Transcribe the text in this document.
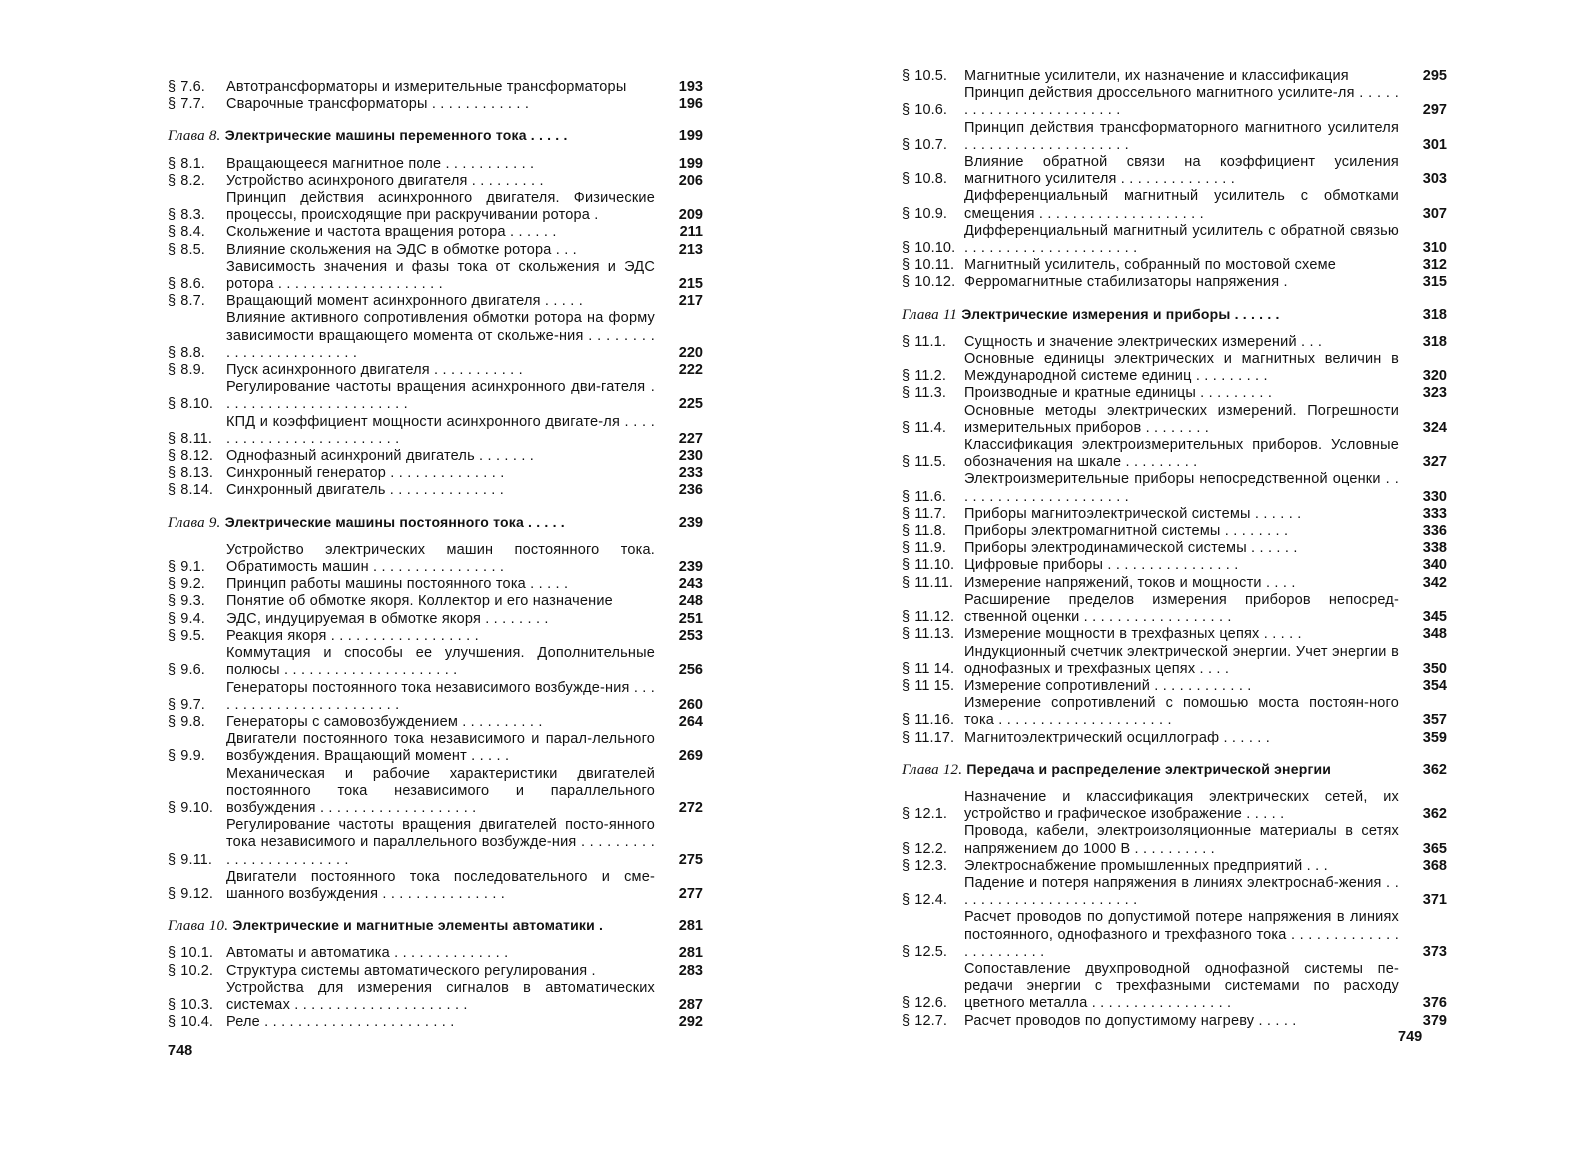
§ 7.6.	Автотрансформаторы и измерительные трансформаторы	193
§ 7.7.	Сварочные трансформаторы . . . . . . . . . . . .	196
Глава 8. Электрические машины переменного тока . . . . .	199
§ 8.1.	Вращающееся магнитное поле . . . . . . . . . . .	199
§ 8.2.	Устройство асинхроного двигателя . . . . . . . . .	206
§ 8.3.
Принцип действия асинхронного двигателя. Физические процессы, происходящие при раскручивании ротора .	209
§ 8.4.	Скольжение и частота вращения ротора . . . . . .	211
§ 8.5.	Влияние скольжения на ЭДС в обмотке ротора . . .	213
§ 8.6.
Зависимость значения и фазы тока от скольжения и ЭДС ротора . . . . . . . . . . . . . . . . . . . .	215
§ 8.7.	Вращающий момент асинхронного двигателя . . . . .	217
§ 8.8.
Влияние активного сопротивления обмотки ротора на форму зависимости вращающего момента от скольже-ния . . . . . . . . . . . . . . . . . . . . . . . .	220
§ 8.9.	Пуск асинхронного двигателя . . . . . . . . . . .	222
§ 8.10.
Регулирование частоты вращения асинхронного дви-гателя . . . . . . . . . . . . . . . . . . . . . . .	225
§ 8.11.
КПД и коэффициент мощности асинхронного двигате-ля . . . . . . . . . . . . . . . . . . . . . . . . .	227
§ 8.12. Однофазный асинхроний двигатель . . . . . . .	230
§ 8.13. Синхронный генератор . . . . . . . . . . . . . .	233
§ 8.14. Синхронный двигатель . . . . . . . . . . . . . .	236
Глава 9. Электрические машины постоянного тока . . . . .	239
§ 9.1.
Устройство электрических машин постоянного тока. Обратимость машин . . . . . . . . . . . . . . . .	239
§ 9.2.	Принцип работы машины постоянного тока . . . . .	243
§ 9.3.	Понятие об обмотке якоря. Коллектор и его назначение	248
§ 9.4.	ЭДС, индуцируемая в обмотке якоря . . . . . . . .	251
§ 9.5.	Реакция якоря . . . . . . . . . . . . . . . . . .	253
§ 9.6.
Коммутация и способы ее улучшения. Дополнительные полюсы . . . . . . . . . . . . . . . . . . . . .	256
§ 9.7.
Генераторы постоянного тока независимого возбужде-ния . . . . . . . . . . . . . . . . . . . . . . . .	260
§ 9.8.	Генераторы с самовозбуждением . . . . . . . . . .	264
§ 9.9.
Двигатели постоянного тока независимого и парал-лельного возбуждения. Вращающий момент . . . . .	269
§ 9.10.
Механическая и рабочие характеристики двигателей постоянного тока независимого и параллельного возбуждения . . . . . . . . . . . . . . . . . . .	272
§ 9.11.
Регулирование частоты вращения двигателей посто-янного тока независимого и параллельного возбужде-ния . . . . . . . . . . . . . . . . . . . . . . . .	275
§ 9.12.
Двигатели постоянного тока последовательного и сме-шанного возбуждения . . . . . . . . . . . . . . .	277
Глава 10. Электрические и магнитные элементы автоматики .	281
§ 10.1. Автоматы и автоматика . . . . . . . . . . . . . .	281
§ 10.2. Структура системы автоматического регулирования .	283
§ 10.3.
Устройства для измерения сигналов в автоматических системах . . . . . . . . . . . . . . . . . . . . .	287
§ 10.4. Реле . . . . . . . . . . . . . . . . . . . . . . .	292
748
§ 10.5.	Магнитные усилители, их назначение и классификация	295
§ 10.6.
Принцип действия дроссельного магнитного усилите-ля . . . . . . . . . . . . . . . . . . . . . . . .	297
§ 10.7.
Принцип действия трансформаторного магнитного усилителя . . . . . . . . . . . . . . . . . . . .	301
§ 10.8.
Влияние обратной связи на коэффициент усиления магнитного усилителя . . . . . . . . . . . . . .	303
§ 10.9.
Дифференциальный магнитный усилитель с обмотками смещения . . . . . . . . . . . . . . . . . . . .	307
§ 10.10.
Дифференциальный магнитный усилитель с обратной связью . . . . . . . . . . . . . . . . . . . . .	310
§ 10.11. Магнитный усилитель, собранный по мостовой схеме	312
§ 10.12. Ферромагнитные стабилизаторы напряжения .	315
Глава 11 Электрические измерения и приборы . . . . . .	318
§ 11.1.	Сущность и значение электрических измерений . . .	318
§ 11.2.
Основные единицы электрических и магнитных величин в Международной системе единиц . . . . . . . . .	320
§ 11.3.	Производные и кратные единицы . . . . . . . . .	323
§ 11.4.
Основные методы электрических измерений. Погрешности измерительных приборов . . . . . . . .	324
§ 11.5.
Классификация электроизмерительных приборов. Условные обозначения на шкале . . . . . . . . .	327
§ 11.6.
Электроизмерительные приборы непосредственной оценки . . . . . . . . . . . . . . . . . . . . . .	330
§ 11.7.	Приборы магнитоэлектрической системы . . . . . .	333
§ 11.8.	Приборы электромагнитной системы . . . . . . . .	336
§ 11.9.	Приборы электродинамической системы . . . . . .	338
§ 11.10. Цифровые приборы . . . . . . . . . . . . . . . .	340
§ 11.11. Измерение напряжений, токов и мощности . . . .	342
§ 11.12.
Расширение пределов измерения приборов непосред-ственной оценки . . . . . . . . . . . . . . . . . .	345
§ 11.13. Измерение мощности в трехфазных цепях . . . . .	348
§ 11 14.
Индукционный счетчик электрической энергии. Учет энергии в однофазных и трехфазных цепях . . . .	350
§ 11 15. Измерение сопротивлений . . . . . . . . . . . .	354
§ 11.16.
Измерение сопротивлений с помошью моста постоян-ного тока . . . . . . . . . . . . . . . . . . . . .	357
§ 11.17. Магнитоэлектрический осциллограф . . . . . .	359
Глава 12. Передача и распределение электрической энергии	362
§ 12.1.
Назначение и классификация электрических сетей, их устройство и графическое изображение . . . . .	362
§ 12.2.
Провода, кабели, электроизоляционные материалы в сетях напряжением до 1000 В . . . . . . . . . .	365
§ 12.3.	Электроснабжение промышленных предприятий . . .	368
§ 12.4.
Падение и потеря напряжения в линиях электроснаб-жения . . . . . . . . . . . . . . . . . . . . . . .	371
§ 12.5.
Расчет проводов по допустимой потере напряжения в линиях постоянного, однофазного и трехфазного тока . . . . . . . . . . . . . . . . . . . . . . .	373
§ 12.6.
Сопоставление двухпроводной однофазной системы пе-редачи энергии с трехфазными системами по расходу цветного металла . . . . . . . . . . . . . . . . .	376
§ 12.7.	Расчет проводов по допустимому нагреву . . . . .	379
749
